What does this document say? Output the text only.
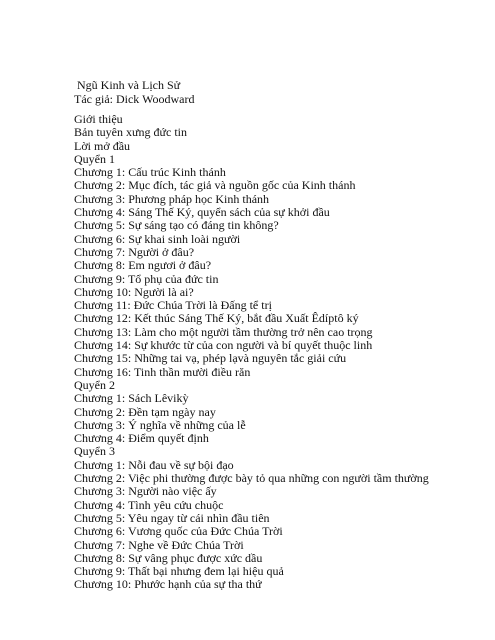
Ngũ Kinh và Lịch Sử
Tác giả: Dick Woodward
Giới thiệu
Bản tuyên xưng đức tin
Lời mở đầu
Quyển 1
Chương 1: Cấu trúc Kinh thánh
Chương 2: Mục đích, tác giả và nguồn gốc của Kinh thánh
Chương 3: Phương pháp học Kinh thánh
Chương 4: Sáng Thế Ký, quyển sách của sự khởi đầu
Chương 5: Sự sáng tạo có đáng tin không?
Chương 6: Sự khai sinh loài người
Chương 7: Người ở đâu?
Chương 8: Em ngươi ở đâu?
Chương 9: Tổ phụ của đức tin
Chương 10: Người là ai?
Chương 11: Đức Chúa Trời là Đấng tể trị
Chương 12: Kết thúc Sáng Thế Ký, bắt đầu Xuất Êdíptô ký
Chương 13: Làm cho một người tầm thường trở nên cao trọng
Chương 14: Sự khước từ của con người và bí quyết thuộc linh
Chương 15: Những tai vạ, phép lạvà nguyên tắc giải cứu
Chương 16: Tinh thần mười điều răn
Quyển 2
Chương 1: Sách Lêvikỳ
Chương 2: Đền tạm ngày nay
Chương 3: Ý nghĩa về những của lễ
Chương 4: Điểm quyết định
Quyển 3
Chương 1: Nỗi đau về sự bội đạo
Chương 2: Việc phi thường được bày tỏ qua những con người tầm thường
Chương 3: Người nào việc ấy
Chương 4: Tình yêu cứu chuộc
Chương 5: Yêu ngay từ cái nhìn đầu tiên
Chương 6: Vương quốc của Đức Chúa Trời
Chương 7: Nghe về Đức Chúa Trời
Chương 8: Sự vâng phục được xức dầu
Chương 9: Thất bại nhưng đem lại hiệu quả
Chương 10: Phước hạnh của sự tha thứ
